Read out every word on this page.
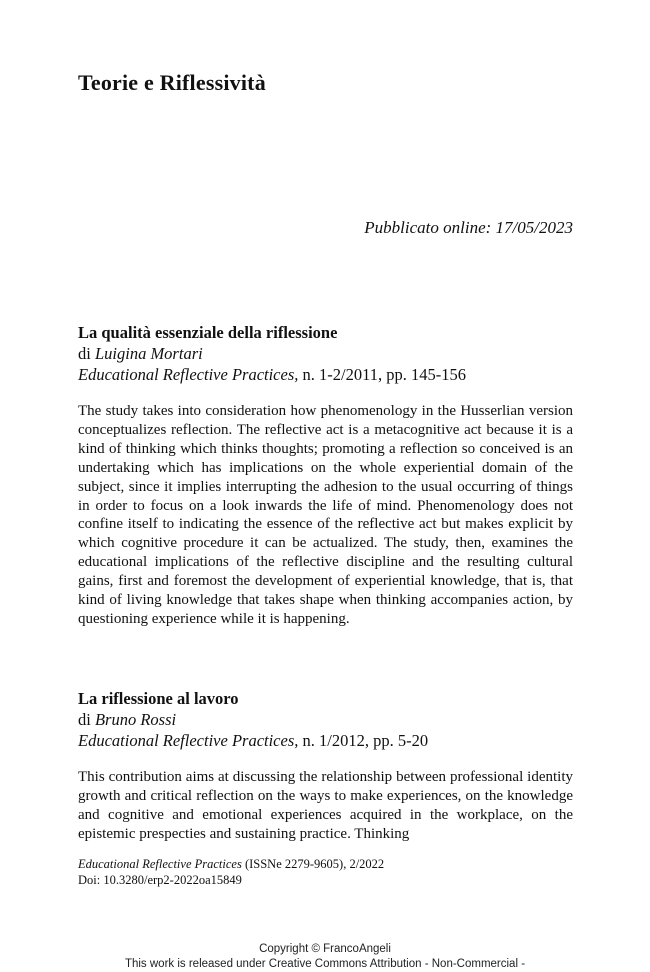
Teorie e Riflessività
Pubblicato online: 17/05/2023
La qualità essenziale della riflessione
di Luigina Mortari
Educational Reflective Practices, n. 1-2/2011, pp. 145-156
The study takes into consideration how phenomenology in the Husserlian version conceptualizes reflection. The reflective act is a metacognitive act because it is a kind of thinking which thinks thoughts; promoting a reflection so conceived is an undertaking which has implications on the whole experiential domain of the subject, since it implies interrupting the adhesion to the usual occurring of things in order to focus on a look inwards the life of mind. Phenomenology does not confine itself to indicating the essence of the reflective act but makes explicit by which cognitive procedure it can be actualized. The study, then, examines the educational implications of the reflective discipline and the resulting cultural gains, first and foremost the development of experiential knowledge, that is, that kind of living knowledge that takes shape when thinking accompanies action, by questioning experience while it is happening.
La riflessione al lavoro
di Bruno Rossi
Educational Reflective Practices, n. 1/2012, pp. 5-20
This contribution aims at discussing the relationship between professional identity growth and critical reflection on the ways to make experiences, on the knowledge and cognitive and emotional experiences acquired in the workplace, on the epistemic prespecties and sustaining practice. Thinking
Educational Reflective Practices (ISSNe 2279-9605), 2/2022
Doi: 10.3280/erp2-2022oa15849
Copyright © FrancoAngeli
This work is released under Creative Commons Attribution - Non-Commercial -
